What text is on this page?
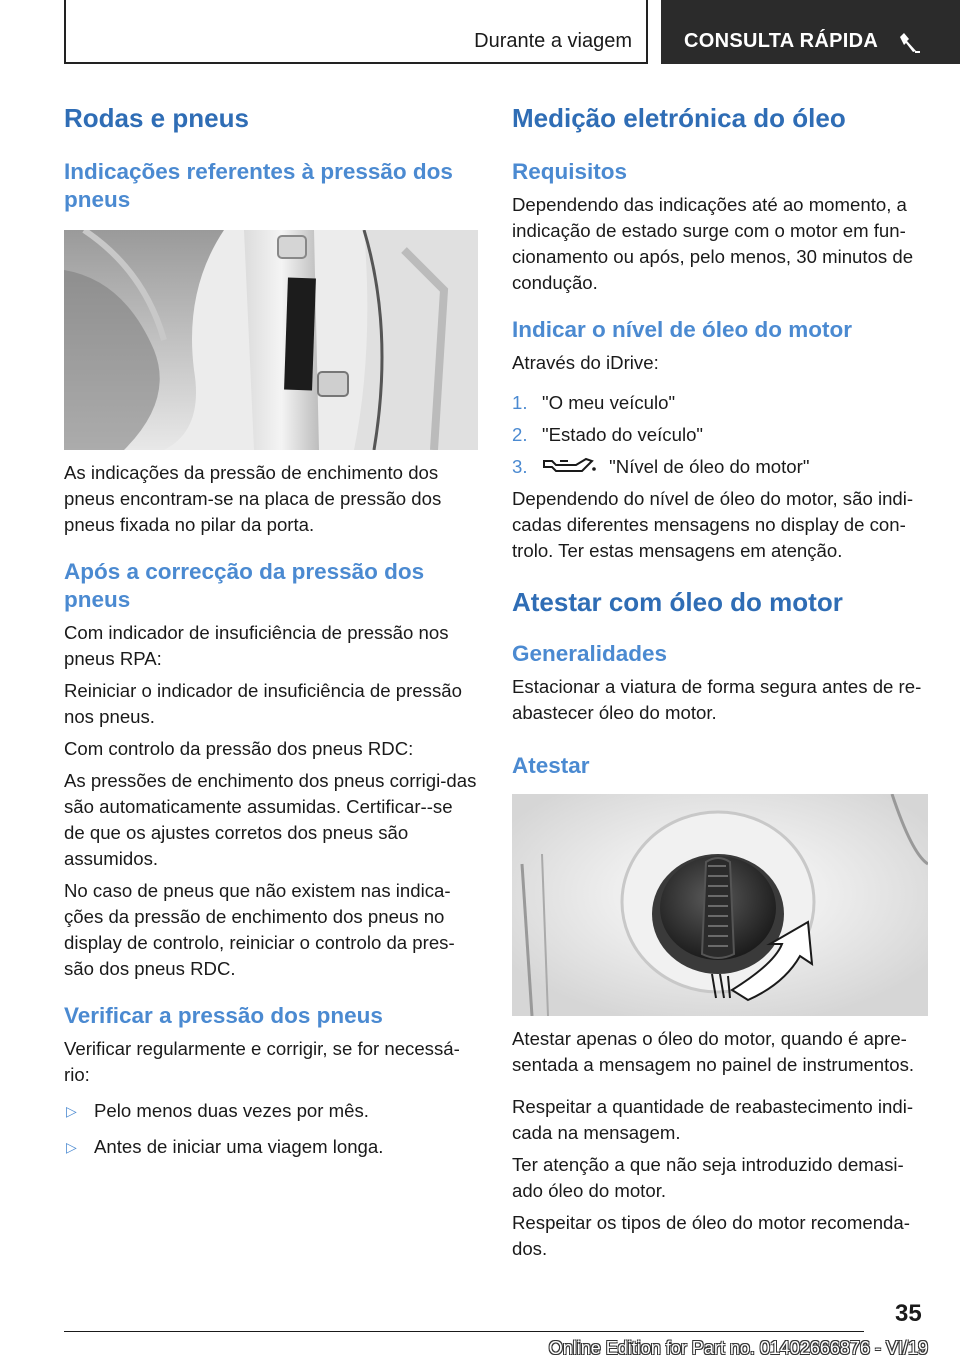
Durante a viagem	CONSULTA RÁPIDA
Rodas e pneus
Indicações referentes à pressão dos pneus

As indicações da pressão de enchimento dos pneus encontram-se na placa de pressão dos pneus fixada no pilar da porta.

Após a correcção da pressão dos pneus

Com indicador de insuficiência de pressão nos pneus RPA:

Reiniciar o indicador de insuficiência de pressão nos pneus.

Com controlo da pressão dos pneus RDC:

As pressões de enchimento dos pneus corrigi-das são automaticamente assumidas. Certificar--se de que os ajustes corretos dos pneus são assumidos.

No caso de pneus que não existem nas indica-ções da pressão de enchimento dos pneus no display de controlo, reiniciar o controlo da pres-são dos pneus RDC.

Verificar a pressão dos pneus

Verificar regularmente e corrigir, se for necessá-rio:

▷ Pelo menos duas vezes por mês.
▷ Antes de iniciar uma viagem longa.
Medição eletrónica do óleo
Requisitos

Dependendo das indicações até ao momento, a indicação de estado surge com o motor em fun-cionamento ou após, pelo menos, 30 minutos de condução.

Indicar o nível de óleo do motor

Através do iDrive:

1. "O meu veículo"
2. "Estado do veículo"
3.	"Nível de óleo do motor"

Dependendo do nível de óleo do motor, são indi-cadas diferentes mensagens no display de con-trolo. Ter estas mensagens em atenção.

Atestar com óleo do motor
Generalidades

Estacionar a viatura de forma segura antes de re-abastecer óleo do motor.

Atestar

Atestar apenas o óleo do motor, quando é apre-sentada a mensagem no painel de instrumentos.

Respeitar a quantidade de reabastecimento indi-cada na mensagem.

Ter atenção a que não seja introduzido demasi-ado óleo do motor.

Respeitar os tipos de óleo do motor recomenda-dos.

35
Online Edition for Part no. 01402666876 - VI/19
